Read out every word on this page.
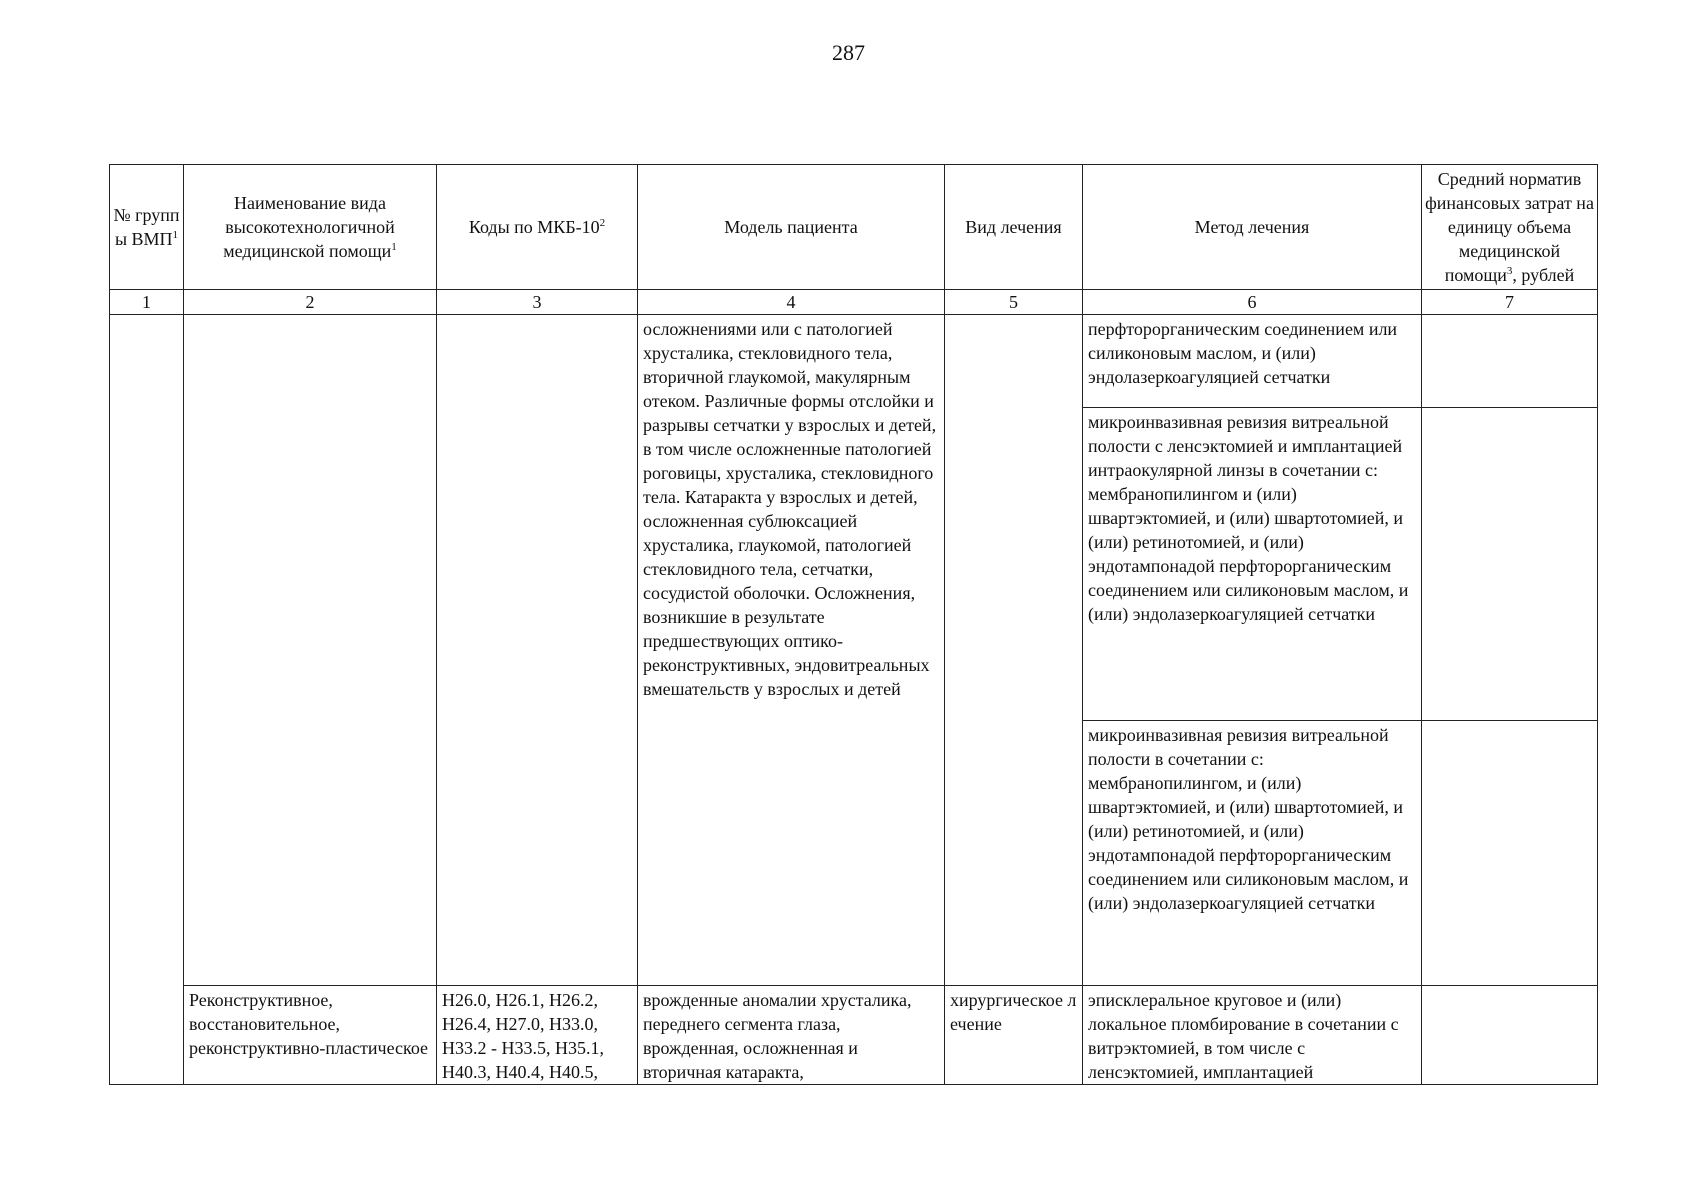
287
№ групп ы ВМП$^1$	Наименование вида высокотехнологичной медицинской помощи$^1$	Коды по МКБ-$10^2$	Модель пациента	Вид лечения	Метод лечения	Средний норматив финансовых затрат на единицу объема медицинской помощи$^3$, рублей
1	2	3	4	5	6	7
			осложнениями или с патологией хрусталика, стекловидного тела, вторичной глаукомой, макулярным отеком. Различные формы отслойки и разрывы сетчатки у взрослых и детей, в том числе осложненные патологией роговицы, хрусталика, стекловидного тела. Катаракта у взрослых и детей, осложненная сублюксацией хрусталика, глаукомой, патологией стекловидного тела, сетчатки, сосудистой оболочки. Осложнения, возникшие в результате предшествующих оптико-реконструктивных, эндовитреальных вмешательств у взрослых и детей		перфторорганическим соединением или силиконовым маслом, и (или) эндолазеркоагуляцией сетчатки	
					микроинвазивная ревизия витреальной полости с ленсэктомией и имплантацией интраокулярной линзы в сочетании с: мембранопилингом и (или) швартэктомией, и (или) швартотомией, и (или) ретинотомией, и (или) эндотампонадой перфторорганическим соединением или силиконовым маслом, и (или) эндолазеркоагуляцией сетчатки	
					микроинвазивная ревизия витреальной полости в сочетании с: мембранопилингом, и (или) швартэктомией, и (или) швартотомией, и (или) ретинотомией, и (или) эндотампонадой перфторорганическим соединением или силиконовым маслом, и (или) эндолазеркоагуляцией сетчатки	
	Реконструктивное, восстановительное, реконструктивно-пластическое	H26.0, H26.1, H26.2, H26.4, H27.0, H33.0, H33.2 - H33.5, H35.1, H40.3, H40.4, H40.5,	врожденные аномалии хрусталика, переднего сегмента глаза, врожденная, осложненная и вторичная катаракта,	хирургическое лечение	эписклеральное круговое и (или) локальное пломбирование в сочетании с витрэктомией, в том числе с ленсэктомией, имплантацией	
